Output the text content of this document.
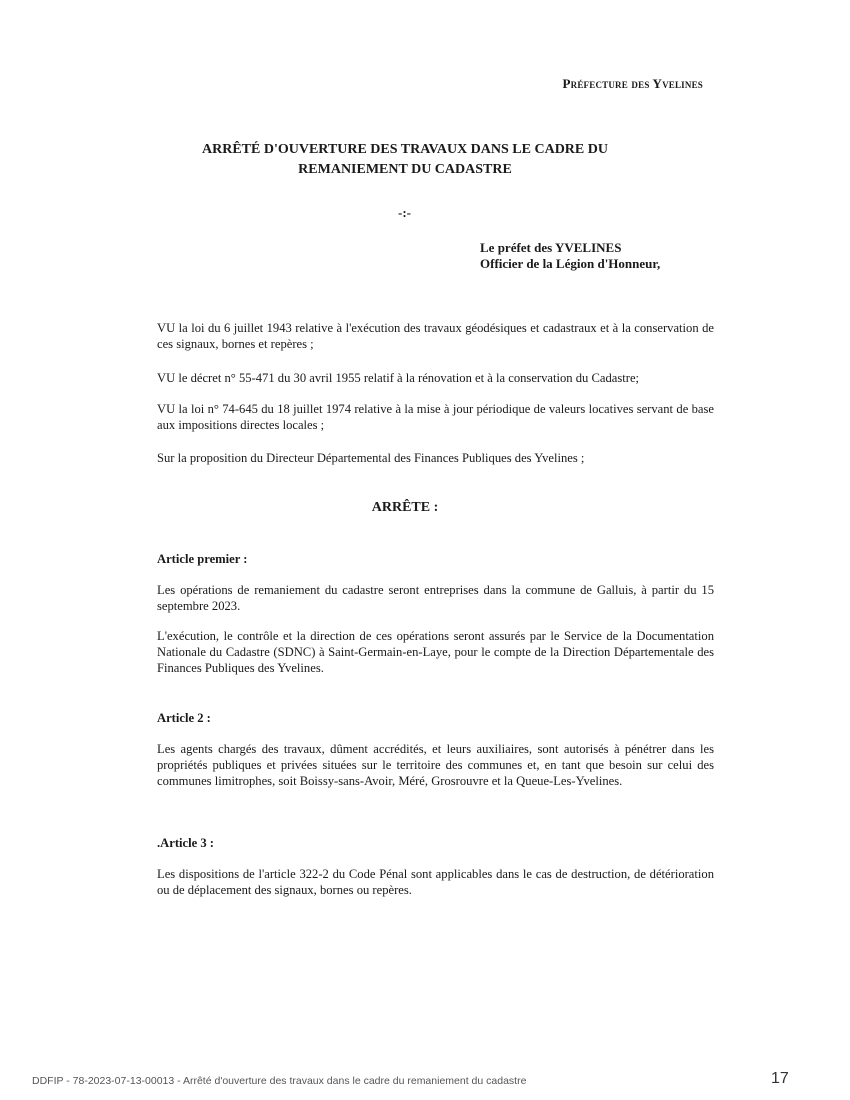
Préfecture des Yvelines
ARRÊTÉ D'OUVERTURE DES TRAVAUX DANS LE CADRE DU
REMANIEMENT DU CADASTRE
-:-
Le préfet des YVELINES
Officier de la Légion d'Honneur,

VU la loi du 6 juillet 1943 relative à l'exécution des travaux géodésiques et cadastraux et à la conservation de ces signaux, bornes et repères ;

VU le décret n° 55-471 du 30 avril 1955 relatif à la rénovation et à la conservation du Cadastre;

VU la loi n° 74-645 du 18 juillet 1974 relative à la mise à jour périodique de valeurs locatives servant de base aux impositions directes locales ;

Sur la proposition du Directeur Départemental des Finances Publiques des Yvelines ;

ARRÊTE :
Article premier :

Les opérations de remaniement du cadastre seront entreprises dans la commune de Galluis, à partir du 15 septembre 2023.

L'exécution, le contrôle et la direction de ces opérations seront assurés par le Service de la Documentation Nationale du Cadastre (SDNC) à Saint-Germain-en-Laye, pour le compte de la Direction Départementale des Finances Publiques des Yvelines.

Article 2 :

Les agents chargés des travaux, dûment accrédités, et leurs auxiliaires, sont autorisés à pénétrer dans les propriétés publiques et privées situées sur le territoire des communes et, en tant que besoin sur celui des communes limitrophes, soit Boissy-sans-Avoir, Méré, Grosrouvre et la Queue-Les-Yvelines.

.Article 3 :

Les dispositions de l'article 322-2 du Code Pénal sont applicables dans le cas de destruction, de détérioration ou de déplacement des signaux, bornes ou repères.

DDFIP - 78-2023-07-13-00013 - Arrêté d'ouverture des travaux dans le cadre du remaniement du cadastre	17
